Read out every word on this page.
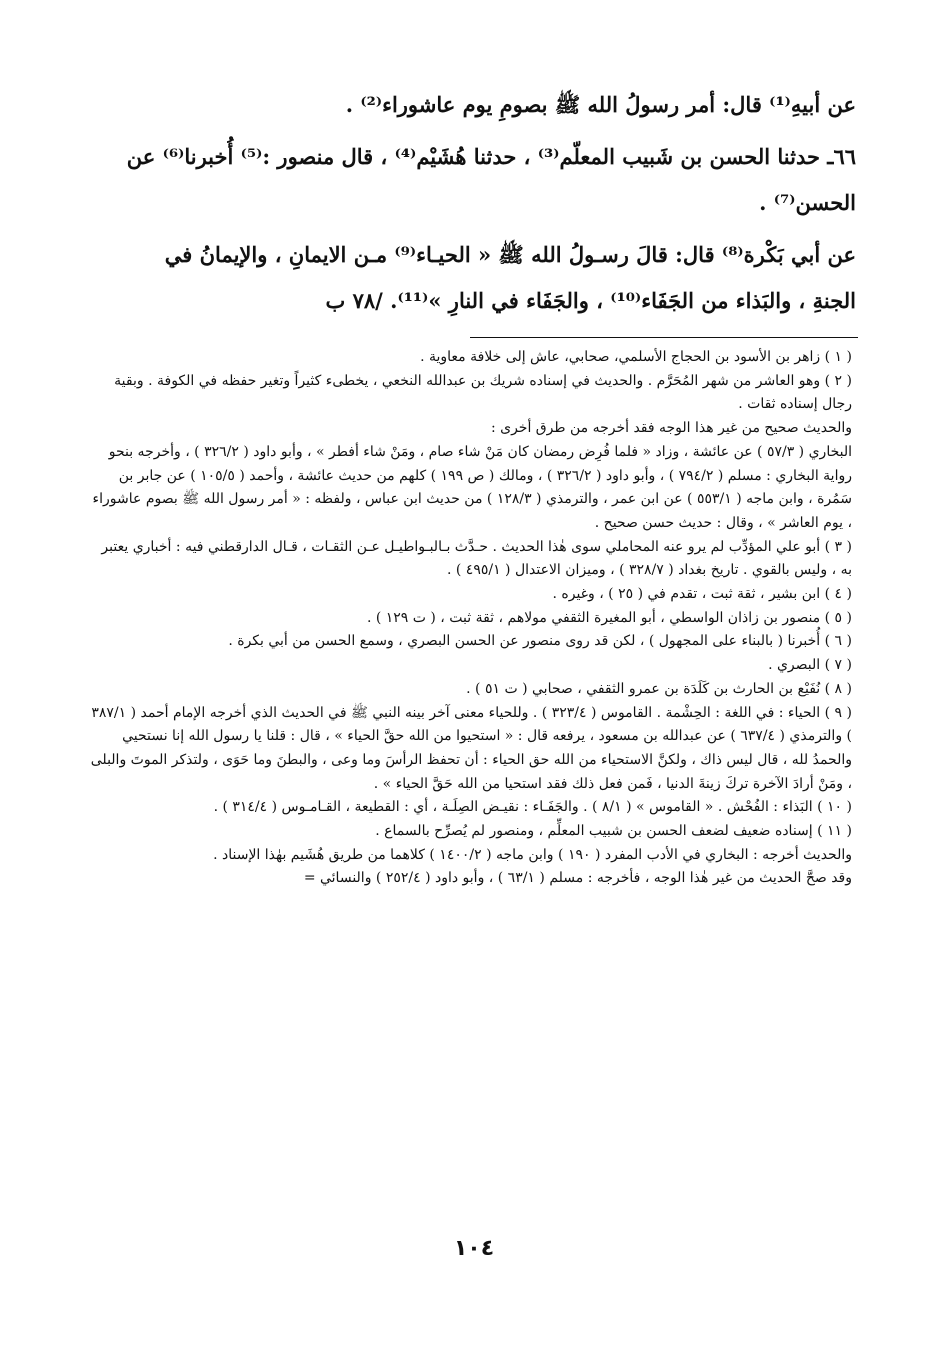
عن أبيهِ⁽¹⁾ قال: أمر رسولُ الله ﷺ بصومِ يوم عاشوراء⁽²⁾ .

٦٦ـ حدثنا الحسن بن شَبيب المعلّم⁽³⁾ ، حدثنا هُشَيْم⁽⁴⁾ ، قال منصور :⁽⁵⁾ أُخبرنا⁽⁶⁾ عن

الحسن⁽⁷⁾ .

عن أبي بَكْرة⁽⁸⁾ قال: قالَ رسـولُ الله ﷺ « الحيـاء⁽⁹⁾ مـن الايمانِ ، والإيمانُ في

الجنةِ ، والبَذاء من الجَفَاء⁽¹⁰⁾ ، والجَفَاء في النارِ »⁽¹¹⁾. /٧٨ ب

( ١ ) زاهر بن الأسود بن الحجاج الأسلمي، صحابي، عاش إلى خلافة معاوية .

( ٢ ) وهو العاشر من شهر المُحَرَّم . والحديث في إسناده شريك بن عبدالله النخعي ، يخطىء كثيراً وتغير حفظه في الكوفة . وبقية رجال إسناده ثقات .

والحديث صحيح من غير هذا الوجه فقد أخرجه من طرق أخرى :

البخاري ( ٥٧/٣ ) عن عائشة ، وزاد « فلما فُرِض رمضان كان مَنْ شاء صام ، ومَنْ شاء أفطر » ، وأبو داود ( ٣٢٦/٢ ) ، وأخرجه بنحو رواية البخاري : مسلم ( ٧٩٤/٢ ) ، وأبو داود ( ٣٢٦/٢ ) ، ومالك ( ص ١٩٩ ) كلهم من حديث عائشة ، وأحمد ( ١٠٥/٥ ) عن جابر بن سَمُرة ، وابن ماجه ( ٥٥٣/١ ) عن ابن عمر ، والترمذي ( ١٢٨/٣ ) من حديث ابن عباس ، ولفظه : « أمر رسول الله ﷺ بصوم عاشوراء ، يوم العاشر » ، وقال : حديث حسن صحيح .

( ٣ ) أبو علي المؤدِّب لم يرو عنه المحاملي سوى هٰذا الحديث . حـدَّث بـالبـواطيـل عـن الثقـات ، قـال الدارقطني فيه : أخباري يعتبر به ، وليس بالقوي . تاريخ بغداد ( ٣٢٨/٧ ) ، وميزان الاعتدال ( ٤٩٥/١ ) .

( ٤ ) ابن بشير ، ثقة ثبت ، تقدم في ( ٢٥ ) ، وغيره .

( ٥ ) منصور بن زاذان الواسطي ، أبو المغيرة الثقفي مولاهم ، ثقة ثبت ، ( ت ١٢٩ ) .

( ٦ ) أُخبرنا ( بالبناء على المجهول ) ، لكن قد روى منصور عن الحسن البصري ، وسمع الحسن من أبي بكرة .

( ٧ ) البصري .

( ٨ ) نُفَيْع بن الحارث بن كَلَدَة بن عمرو الثقفي ، صحابي ( ت ٥١ ) .

( ٩ ) الحياء : في اللغة : الحِشْمة . القاموس ( ٣٢٣/٤ ) . وللحياء معنى آخر بينه النبي ﷺ في الحديث الذي أخرجه الإمام أحمد ( ٣٨٧/١ ) والترمذي ( ٦٣٧/٤ ) عن عبدالله بن مسعود ، يرفعه قال : « استحيوا من الله حقَّ الحياء » ، قال : قلنا يا رسول الله إنا نستحيي والحمدُ لله ، قال ليس ذاك ، ولكنَّ الاستحياء من الله حق الحياء : أن تحفظ الرأسَ وما وعى ، والبطنَ وما حَوَى ، ولتذكر الموتَ والبلى ، ومَنْ أرادَ الآخرة تركَ زينةَ الدنيا ، فَمن فعل ذلك فقد استحيا من الله حَقَّ الحياء » .

( ١٠ ) البَذاء : الفُحْش . « القاموس » ( ٨/١ ) . والجَفَـاء : نقيـض الصِلَـة ، أي : القطيعة ، القـامـوس ( ٣١٤/٤ ) .

( ١١ ) إسناده ضعيف لضعف الحسن بن شبيب المعلِّم ، ومنصور لم يُصرِّح بالسماع .

والحديث أخرجه : البخاري في الأدب المفرد ( ١٩٠ ) وابن ماجه ( ١٤٠٠/٢ ) كلاهما من طريق هُشَيم بهٰذا الإسناد .

وقد صحَّ الحديث من غير هٰذا الوجه ، فأخرجه : مسلم ( ٦٣/١ ) ، وأبو داود ( ٢٥٢/٤ ) والنسائي =

١٠٤
